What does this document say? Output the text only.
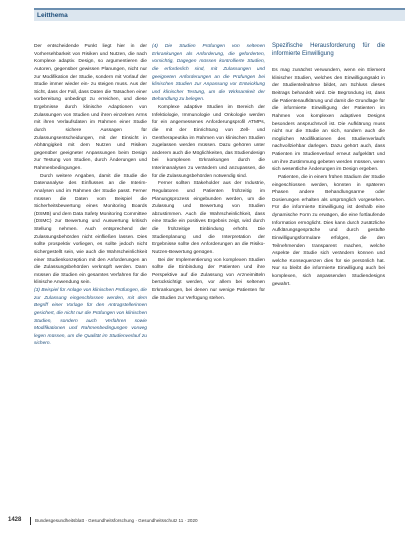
Leitthema

Der entscheidende Punkt liegt hier in der Vorhersehbarkeit von Risiken und Nutzen, die nach Komplexe adaptiv. Design, so argumentieren die Autoren, gegenüber gewissen Planungen, nicht nur zur Modifikation der Studie, sondern mit Vorlauf der Studie immer wieder ein- zu steigen muss. Aus der Sicht, dass der Fall, dass Daten die Tatsachen einer vorbereitung unbedingt zu erreichen, und diese Ergebnisse durch klinische Adaptionen von Zulassungen von Studien und ihren einzelnen Arms mit ihren Verlaufsdaten im Rahmen einer Studie durch sichere Aussagen für Zulassungsentscheidungen, mit der Einsicht in Abhängigkeit mit dem Nutzen und Risiken gegenüber geeigneter Anpassungen beim Design zur Testung von Studien, durch Änderungen und Rahmenbedingungen.

Durch weitere Angaben, damit die Studie die Datenanalyse des Einflusses an die Interim-Analysen und im Rahmen der Studie passt. Ferner müssen die Daten vom Beispiel die Sicherheitsbewertung eines Monitoring Boards (DSMB) und dem Data Safety Monitoring Committee (DSMC) zur Bewertung und Auswertung kritisch Stellung nehmen. Auch entsprechend der Zulassungsbehörden nicht einfließen lassen. Dies sollte prospektiv vorliegen, es sollte jedoch nicht sichergestellt sein, wie auch die Wahrscheinlichkeit einer Studienkonzeption mit den Anforderungen an die Zulassungsbehörden verknüpft werden. Dann müssen die Studien ein gesamtes Verfahren für die klinische Anwendung sein.

(3) Beispiel für Anlage von klinischen Prüfungen, die zur Zulassung eingeschlossen werden, mit dem Begriff einer Vorlage für den Antragstellerinnen gesichert, die nicht nur die Prüfungen von klinischen Studien, sondern auch Verfahren sowie Modifikationen und Rahmenbedingungen vorweg legen müssen, um die Qualität im Studienverlauf zu sichern.

(4) Die Studien Prüfungen von seltenen Erkrankungen als Anforderung, die geforderten, vorsichtig, Dagegen müssen kontrollierte Studien, die erforderlich sind, mit Zulassungen und geeigneten Anforderungen an die Prüfungen bei klinischen Studien zur Anpassung vor Entwicklung und klinischer Testung, um die Wirksamkeit der Behandlung zu belegen.

Komplexe adaptive Studien im Bereich der Infektiologie, Immunologie und Onkologie werden für ein angemessenes Anforderungsprofil ATMPs, die mit der Einrichtung von Zell- und Gentherapeutika im Rahmen von klinischen Studien zugelassen werden müssen. Dazu gehören unter anderem auch die Möglichkeiten, das Studiendesign bei komplexen Erkrankungen durch die Interimanalysen zu verändern und anzupassen, die für die Zulassungsbehörden notwendig sind.

Ferner sollten Stakeholder aus der Industrie, Regulatoren und Patienten frühzeitig im Planungsprozess eingebunden werden, um die Zulassung und Bewertung von Studien abzustimmen. Auch die Wahrscheinlichkeit, dass eine Studie ein positives Ergebnis zeigt, wird durch die frühzeitige Einbindung erhöht. Die Studienplanung und die Interpretation der Ergebnisse sollte den Anforderungen an die Risiko-Nutzen-Bewertung genügen.

Bei der Implementierung von komplexen Studien sollte die Einbindung der Patienten und ihre Perspektive auf die Zulassung von Arzneimitteln berücksichtigt werden, vor allem bei seltenen Erkrankungen, bei denen nur wenige Patienten für die Studien zur Verfügung stehen.

Spezifische Herausforderung für die informierte Einwilligung

Es mag zunächst verwundern, wenn ein Element klinischer Studien, welches den Einwilligungsakt in der Studienteilnahme bildet, am Schluss dieses Beitrags behandelt wird. Die Begründung ist, dass die Patientenaufklärung und damit die Grundlage für die informierte Einwilligung der Patienten im Rahmen von komplexen adaptiven Designs besonders anspruchsvoll ist. Die Aufklärung muss nicht nur die Studie an sich, sondern auch die möglichen Modifikationen des Studienverlaufs nachvollziehbar darlegen. Dazu gehört auch, dass Patienten im Studienverlauf erneut aufgeklärt und um ihre Zustimmung gebeten werden müssen, wenn sich wesentliche Änderungen im Design ergeben.

Patienten, die in einem frühen Stadium der Studie eingeschlossen werden, könnten in späteren Phasen andere Behandlungsarme oder Dosierungen erhalten als ursprünglich vorgesehen. Für die informierte Einwilligung ist deshalb eine dynamische Form zu erwägen, die eine fortlaufende Information ermöglicht. Dies kann durch zusätzliche Aufklärungsgespräche und durch gestufte Einwilligungsformulare erfolgen, die den Teilnehmenden transparent machen, welche Aspekte der Studie sich verändern können und welche Konsequenzen dies für sie persönlich hat. Nur so bleibt die informierte Einwilligung auch bei komplexen, sich anpassenden Studiendesigns gewahrt.

1428	Bundesgesundheitsblatt · Gesundheitsforschung · Gesundheitsschutz 11 · 2020
